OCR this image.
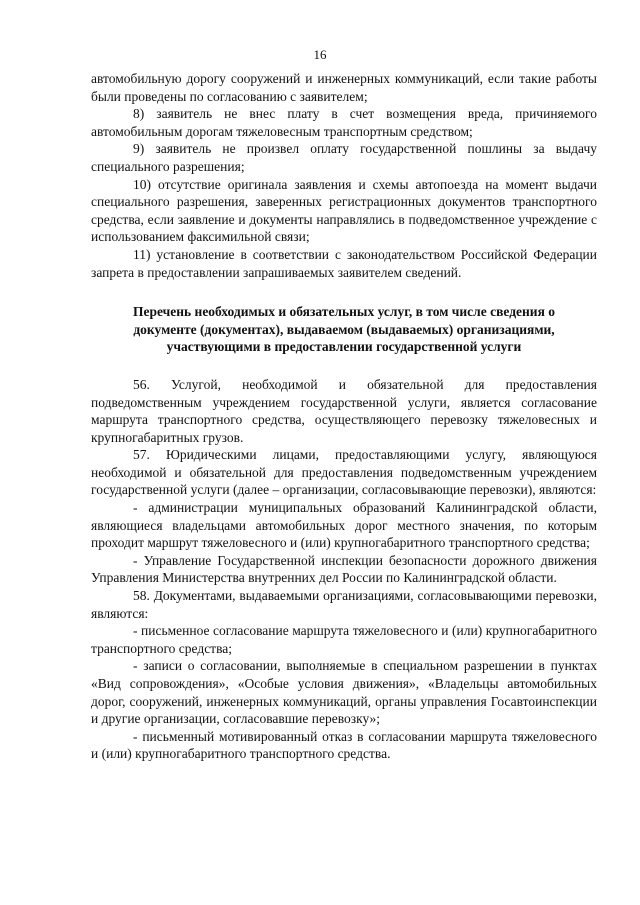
16

автомобильную дорогу сооружений и инженерных коммуникаций, если такие работы были проведены по согласованию с заявителем;

8) заявитель не внес плату в счет возмещения вреда, причиняемого автомобильным дорогам тяжеловесным транспортным средством;

9) заявитель не произвел оплату государственной пошлины за выдачу специального разрешения;

10) отсутствие оригинала заявления и схемы автопоезда на момент выдачи специального разрешения, заверенных регистрационных документов транспортного средства, если заявление и документы направлялись в подведомственное учреждение с использованием факсимильной связи;

11) установление в соответствии с законодательством Российской Федерации запрета в предоставлении запрашиваемых заявителем сведений.

Перечень необходимых и обязательных услуг, в том числе сведения о документе (документах), выдаваемом (выдаваемых) организациями, участвующими в предоставлении государственной услуги

56. Услугой, необходимой и обязательной для предоставления подведомственным учреждением государственной услуги, является согласование маршрута транспортного средства, осуществляющего перевозку тяжеловесных и крупногабаритных грузов.

57. Юридическими лицами, предоставляющими услугу, являющуюся необходимой и обязательной для предоставления подведомственным учреждением государственной услуги (далее – организации, согласовывающие перевозки), являются:

- администрации муниципальных образований Калининградской области, являющиеся владельцами автомобильных дорог местного значения, по которым проходит маршрут тяжеловесного и (или) крупногабаритного транспортного средства;

- Управление Государственной инспекции безопасности дорожного движения Управления Министерства внутренних дел России по Калининградской области.

58. Документами, выдаваемыми организациями, согласовывающими перевозки, являются:

- письменное согласование маршрута тяжеловесного и (или) крупногабаритного транспортного средства;

- записи о согласовании, выполняемые в специальном разрешении в пунктах «Вид сопровождения», «Особые условия движения», «Владельцы автомобильных дорог, сооружений, инженерных коммуникаций, органы управления Госавтоинспекции и другие организации, согласовавшие перевозку»;

- письменный мотивированный отказ в согласовании маршрута тяжеловесного и (или) крупногабаритного транспортного средства.
